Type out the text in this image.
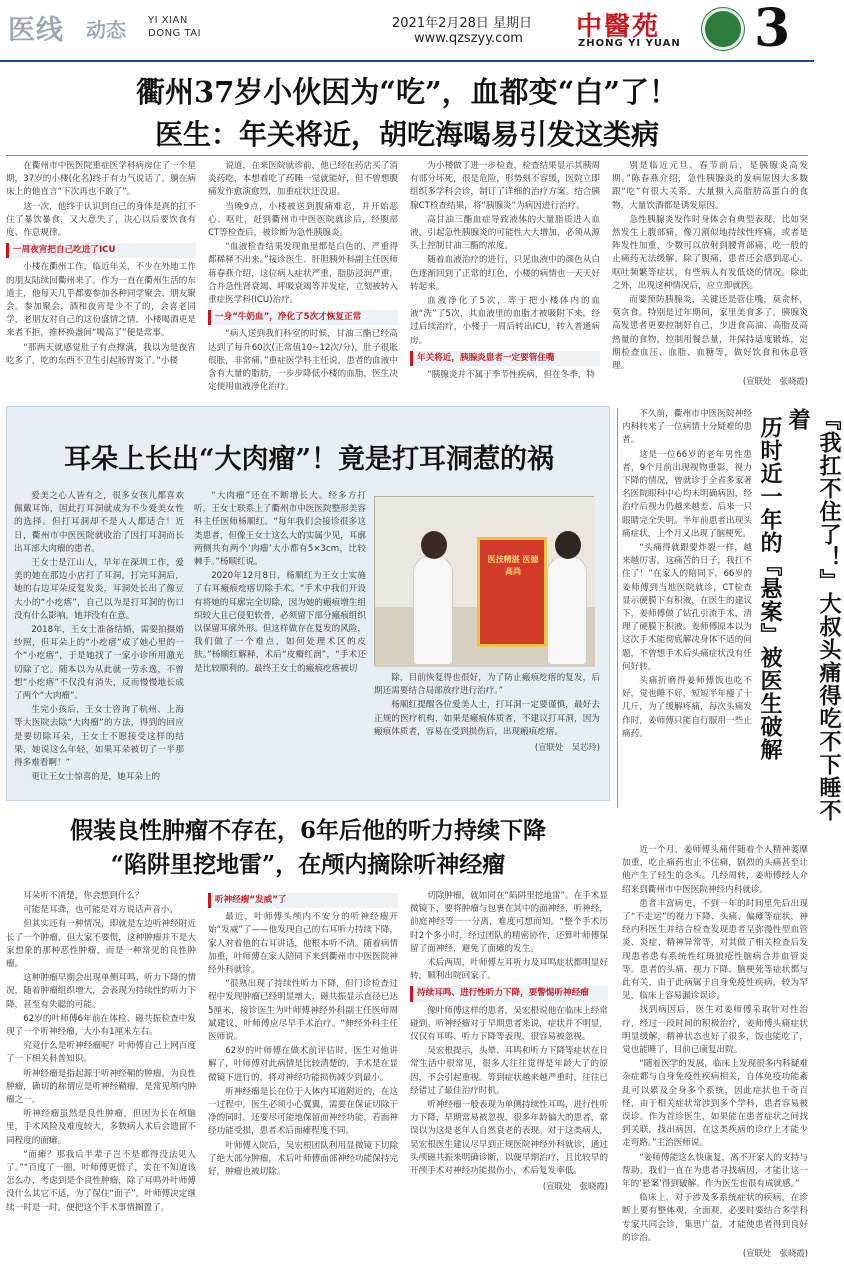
医线 动态 YI XIAN
DONG TAI
2021年2月28日 星期日
www.qzszyy.com 中醫苑
ZHONG YI YUAN 3
衢州37岁小伙因为“吃”，血都变“白”了！
医生：年关将近，胡吃海喝易引发这类病

在衢州市中医医院重症医学科病房住了一个星期，37岁的小楼(化名)终于有力气说话了。躺在病床上的他直言“下次再也不敢了”。

这一次，他终于认识到自己的身体是真的扛不住了暴饮暴食，又大意失了，决心以后要饮食有度、作息规律。

一周夜宵把自己吃进了ICU

小楼在衢州工作，临近年关，不少在外地工作的朋友陆续回衢州来了。作为一直在衢州生活的东道主，他每天几乎都要参加各种同学聚会、朋友聚会。参加聚会，酒和夜宵是少不了的，会喜老同学，老朋友对自己的这份盛情之情，小楼喝酒更是来者不拒，推杯换盏间“喝高了”便是常事。

“那两天就感觉肚子有点撑满，我以为是夜宵吃多了，吃的东西不卫生引起肠胃炎了。”小楼

说道，在来医院就诊前，他已经在药店买了消炎药吃，本想着吃了药睡一觉就能好，但不曾想腹痛发作愈演愈烈，加重症状还没退。

当晚9点，小楼被送到腹痛难忍，并开始恶心、呕吐，赶到衢州市中医医院就诊后，经腹部CT等检查后，被诊断为急性胰腺炎。

“血液检查结果发现血里都是白色的，严重得都稀释不出来。”接诊医生、肝胆胰外科副主任医师蒋春燕介绍，这位病人症状严重，脂肪浸润严重，合并急性肾衰竭、呼吸衰竭等并发症，立刻被转入重症医学科(ICU)治疗。

一身“牛奶血”，净化了5次才恢复正常

“病人送到我们科室的时候，甘油三酯已经高达到了每升60次(正常值10~12次/分)，肚子很胀很胀，非常痛，”重症医学科主任说，患者的血液中含有大量的脂肪，一步步降低小楼的血脂，医生决定使用血液净化治疗。

为小楼做了进一步检查，检查结果显示其胰周有部分坏死，很是危险，形势刻不容缓，医院立即组织多学科会诊，制订了详细的治疗方案。结合胰腺CT检查结果，将“胰腺炎”为病因进行治疗。

高甘油三酯血症导致液体的大量脂质进入血液，引起急性胰腺炎的可能性大大增加，必须从源头上控制甘油三酯的浓度。

随着血液治疗的进行，只见血液中的颜色从白色逐渐回到了正常的红色，小楼的病情也一天天好转起来。

血液净化了5次，等于把小楼体内的血液“洗”了5次，其血液里的血脂才被吸附下来。经过后续治疗，小楼于一周后转出ICU，转入普通病房。

年关将近，胰腺炎患者一定要管住嘴

“胰腺炎并不属于季节性疾病，但在冬季，特

别是临近元旦、春节前后，是胰腺炎高发期。”陈春燕介绍，急性胰腺炎的发病原因大多数跟“吃”有很大关系，大量摄入高脂肪高蛋白的食物，大量饮酒都是诱发原因。

急性胰腺炎发作时身体会有典型表现，比如突然发生上腹部痛，像刀割似地持续性疼痛，或者是阵发性加重，少数可以放射到腰背部痛，吃一般的止痛药无法缓解。除了腹痛，患者还会感到恶心、呕吐频繁等症状，有些病人有发低烧的情况。除此之外，出现这种情况后，应立即就医。

而要预防胰腺炎，关键还是管住嘴，莫贪杯，莫贪食。特别是过年期间，家里美食多了，胰腺炎高发患者更要控制好自己，少进食高油、高脂及高热量的食物，控制用餐总量，并保持适度锻炼，定期检查血压、血脂、血糖等，做好饮食和休息管理。

(宣联处　张晓霞)
耳朵上长出“大肉瘤”！竟是打耳洞惹的祸

爱美之心人皆有之，很多女孩儿都喜欢佩戴耳饰，因此打耳洞就成为不少爱美女性的选择。但打耳洞却不是人人都适合！近日，衢州市中医医院就收治了因打耳洞而长出耳部大肉瘤的患者。

王女士是江山人，早年在深圳工作，爱美的她在那边小店打了耳洞，打完耳洞后，她的右边耳朵反复发炎，耳洞处长出了像豆大小的“小疙瘩”，自己以为是打耳洞的伤口没有什么影响，她并没有在意。

2018年，王女士准备结婚，需要拍摄婚纱照，但耳朵上的“小疙瘩”成了她心里的一个“小疙瘩”，于是她找了一家小诊所用激光切除了它。随本以为从此就一劳永逸，不曾想“小疙瘩”不仅没有消失，反而慢慢地长成了两个“大肉瘤”。

生完小孩后，王女士咨询了杭州、上海等大医院去除“大肉瘤”的方法，得到的回应是要切除耳朵，王女士不愿接受这样的结果，她说这么年轻，如果耳朵被切了一半那得多难看啊！”

更让王女士惊喜的是，她耳朵上的

“大肉瘤”还在不断增长大。经多方打听，王女士联系上了衢州市中医医院整形美容科主任医师杨顺红。“每年我们会接诊很多这类患者，但像王女士这么大的实属少见，耳廓两侧共有两个‘肉瘤’大小都有5×3cm，比较棘手。”杨顺红说。

2020年12月8日，杨顺红为王女士实施了右耳瘢痕疙瘩切除手术。“手术中我们开设有将她的耳廓完全切除，因为她的瘢痕增生组织较大且已侵犯软骨，必须留下部分瘢痕组织以保留耳廓外形。但这样做存在复发的风险，我们做了一个难点，如何处理术区的皮肤。”杨顺红解释，术后“皮瓣红润”，“手术还是比较顺利的。最终王女士的瘢痕疙瘩被切

医技精湛 医德高尚

除，目前恢复得也很好，为了防止瘢痕疙瘩的复发，后期还需要结合局部放疗进行治疗。”

杨顺红提醒各位爱美人士，打耳洞一定要谨慎，最好去正规的医疗机构，如果是瘢痕体质者，不建议打耳洞，因为瘢痕体质者，容易在受到损伤后，出现瘢痕疙瘩。

(宣联处　吴芯玲)

不久前，衢州市中医医院神经内科转来了一位病情十分疑难的患者。

这是一位66岁的老年男性患者，9个月前出现视物重影，视力下降的情况，曾就诊于全省多家著名医院眼科中心均未明确病因，经治疗后视力仍越来越差，后来一只眼睛完全失明。半年前患者出现头痛症状，上个月又出现了脑梗死。

“头痛得就跟要炸裂一样，越来越厉害，这痛苦的日子，我扛不住了！”在家人的陪同下，66岁的姜师傅到当地医院就诊，CT检查显示硬膜下有积液，在医生的建议下，姜师傅做了钻孔引流手术，清理了硬膜下积液。姜师傅原本以为这次手术能彻底解决身体不适的问题，不曾想手术后头痛症状没有任何好转。

头痛折磨得姜师傅饭也吃不好，觉也睡不好，短短半年瘦了十几斤，为了缓解疼痛，每次头痛发作时，姜师傅只能自行服用一些止痛药。	『我扛不住了！』大叔头痛得吃不下睡不着
历时近一年的『悬案』被医生破解

近一个月，姜师傅头痛伴随着个人精神萎靡加重，吃止痛药也止不住痛，剧烈的头痛甚至让他产生了轻生的念头。几经周转，姜师傅经人介绍来到衢州市中医医院神经内科就诊。

患者丰富病史，不到一年的时间里先后出现了“不走运”的视力下降、头痛、偏瘫等症状，神经内科医生并结合检查发现患者呈弥漫性型血管炎、炎症、精神异常等，对其做了相关检查后发现患者患有系统性红斑狼疮性脑病合并血管炎等。患者的头痛、视力下降、脑梗死等症状都与此有关，由于此病属于自身免疫性疾病，较为罕见，临床上容易漏诊误诊。

找到病因后，医生对姜师傅采取针对性治疗，经过一段时间的积极治疗，姜师傅头痛症状明显缓解，精神状态也好了很多，饭也能吃了，觉也能睡了，目前已康复出院。

“随着医学的发展，临床上发现很多内科疑难杂症都与自身免疫性疾病相关，自体免疫功能紊乱可以累及全身多个系统，因此症状也千奇百怪，由于相关症状常涉到多个学科，患者容易被误诊。作为首诊医生，如果能在患者症状之间找到关联，找出病因，在这类疾病的诊疗上才能少走弯路。”主治医师说。

“姜师傅能这么快康复，离不开家人的支持与帮助，我们一直在为患者寻找病因，才能让这一年的‘悬案’得到破解。作为医生也很有成就感。”

临床上，对于涉及多系统症状的疾病，在诊断上要有整体观，全面观，必要时要结合多学科专家共同会诊，集思广益，才能使患者得到良好的诊治。

(宣联处　张晓霞)
假装良性肿瘤不存在，6年后他的听力持续下降
“陷阱里挖地雷”，在颅内摘除听神经瘤

耳朵听不清楚，你会想到什么？

可能是耳聋，也可能是对方说话声音小。

但其实还有一种情况，即就是左边听神经附近长了一个肿瘤，但大家不要慌，这种肿瘤并不是大家想象的那种恶性肿瘤，而是一种常见的良性肿瘤。

这种肿瘤早期会出现单侧耳鸣、听力下降的情况，随着肿瘤组织增大，会表现为持续性的听力下降，甚至有失聪的可能。

62岁的叶师傅6年前在体检、磁共振检查中发现了一个听神经瘤，大小有1厘米左右。

究竟什么是听神经瘤呢？叶师傅自己上网百度了一下相关科普知识。

听神经瘤是指起源于听神经鞘的肿瘤，为良性肿瘤，确切的称谓应是听神经鞘瘤，是常见颅内肿瘤之一。

听神经瘤虽然是良性肿瘤，但因为长在颅脑里，手术风险及难度较大，多数病人术后会遗留不同程度的面瘫。

“面瘫？那我后半辈子岂不是都得没法见人了。”“百度了一圈，叶师傅更慌了，实在不知道该怎么办，考虑到是个良性肿瘤，除了耳鸣外叶师傅没什么其它不适，为了保住“面子”，叶师傅决定继续一时是一时，便把这个手术事情搁置了。

听神经瘤“发威”了

最近，叶师傅头颅内不安分的听神经瘤开始“发威”了——他发现自己的右耳听力持续下降，家人对着他的右耳讲话，他根本听不清。随着病情加重，叶师傅在家人陪同下来到衢州市中医医院神经外科就诊。

“很熟出现了持续性听力下降，但门诊检查过程中发现肿瘤已经明显增大，磁共振显示直径已达5厘米，接诊医生为叶师傅神经外科副主任医师周斌建议，叶师傅应尽早手术治疗。“伸经外科主任医师说。

62岁的叶师傅在做术前评估时，医生对他讲解了，叶师傅对此病情是比较清楚的，手术是在显微镜下进行的，将对神经功能损伤减少到最小。

听神经瘤是长在位于人体内耳道附近的，在这一过程中，医生必须小心翼翼，需要在保证切除干净的同时，还要尽可能地保留面神经功能，若面神经功能受损，患者术后面瘫程度不同。

叶师傅入院后，吴宏根团队利用显微镜下切除了绝大部分肿瘤，术后叶师傅面部神经功能保持完好，肿瘤也被切除。

切除肿瘤，就如同在“陷阱里挖地雷”。在手术显微镜下，要将肿瘤与包裹在其中的面神经，听神经，前庭神经等一一分离，难度可想而知。“整个手术历时2个多小时，经过团队的精密协作，还算叶师傅保留了面神经，避免了面瘫的发生。

术后两周，叶师傅左耳听力及耳鸣症状都明显好转，顺利出院回家了。

持续耳鸣、进行性听力下降，要警惕听神经瘤

像叶师傅这样的患者，吴宏根说他在临床上经常碰到。听神经瘤对于早期患者来说，症状并不明显，仅仅有耳鸣、听力下降等表现，很容易被忽视。

吴宏根提示，头晕、耳鸣和听力下降等症状在日常生活中很常见，很多人往往觉得是年龄大了的原因，不会引起重视。等到症状越来越严重时，往往已经错过了最佳治疗时机。

听神经瘤一般表现为单侧持续性耳鸣，进行性听力下降，早期常易被忽视，很多年龄偏大的患者，常误以为这是老年人自然衰老的表现。对于这类病人，吴宏根医生建议尽早到正规医院神经外科就诊，通过头颅磁共振来明确诊断，以便早期治疗，且比较早的开颅手术对神经功能损伤小，术后复发率低。

(宣联处　张晓霞)
